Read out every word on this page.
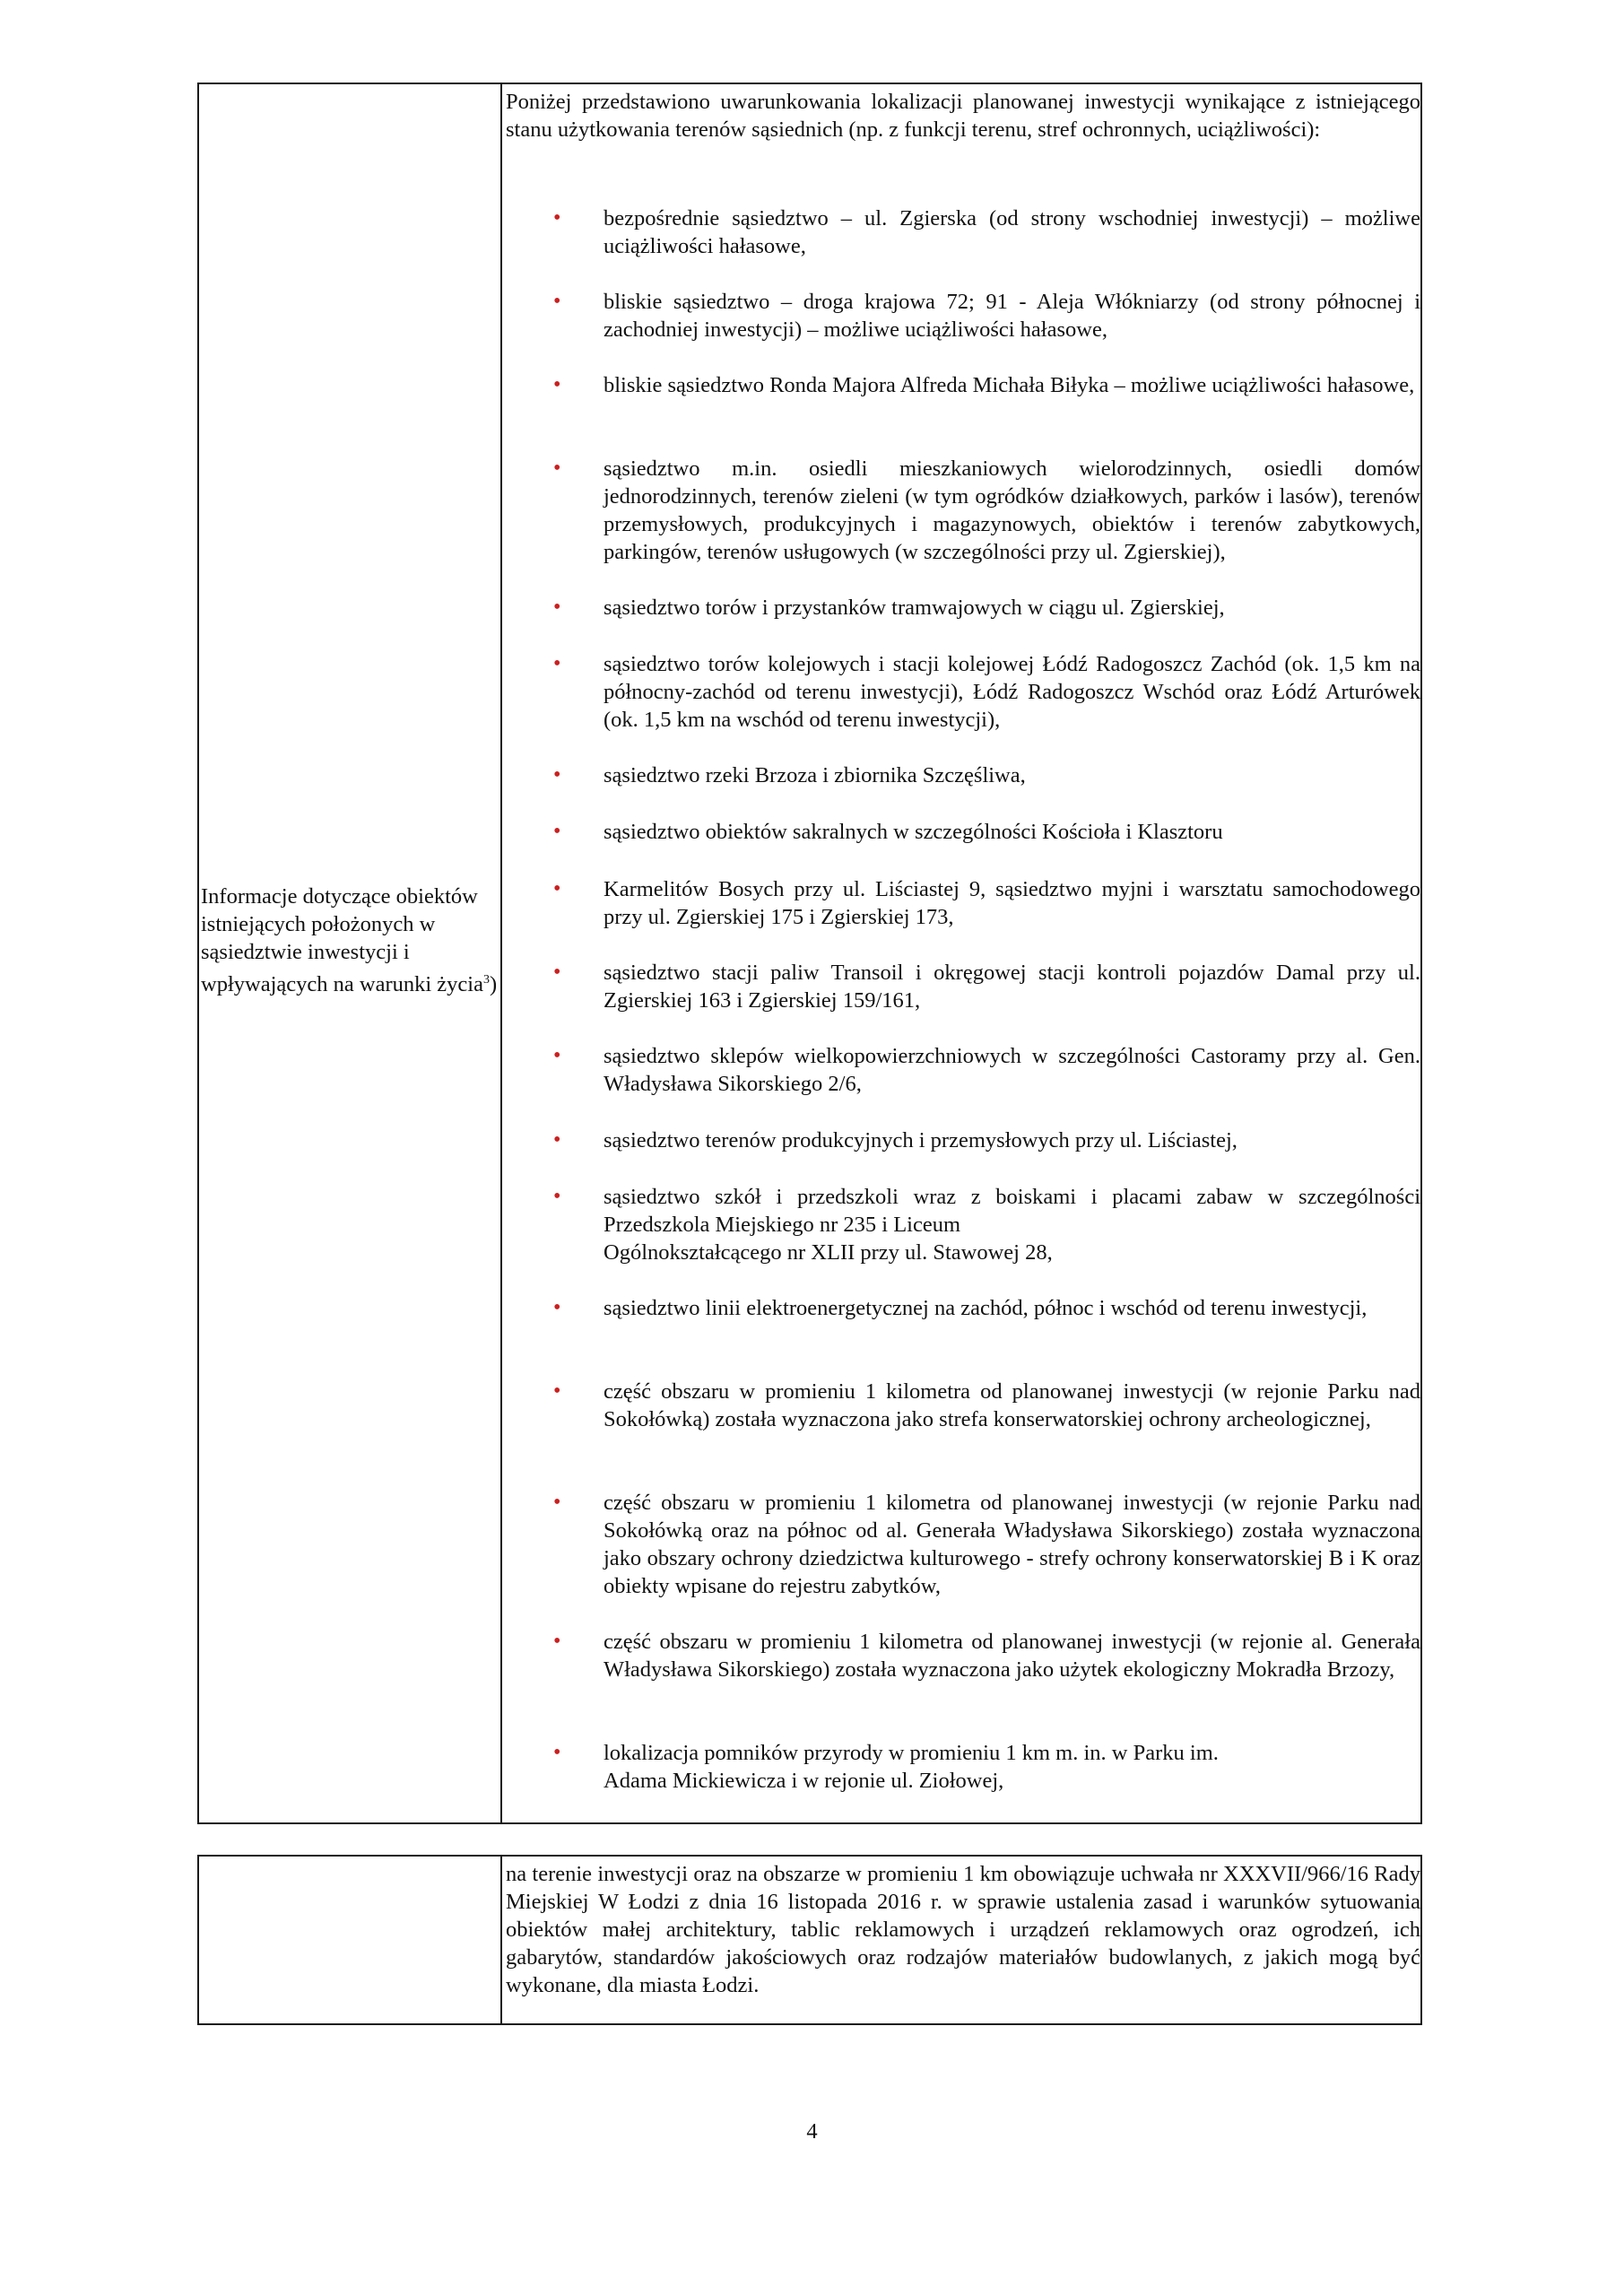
Informacje dotyczące obiektów istniejących położonych w sąsiedztwie inwestycji i wpływających na warunki życia$^3$)
Poniżej przedstawiono uwarunkowania lokalizacji planowanej inwestycji wynikające z istniejącego stanu użytkowania terenów sąsiednich (np. z funkcji terenu, stref ochronnych, uciążliwości):
• bezpośrednie sąsiedztwo – ul. Zgierska (od strony wschodniej inwestycji) – możliwe uciążliwości hałasowe,
• bliskie sąsiedztwo – droga krajowa 72; 91 - Aleja Włókniarzy (od strony północnej i zachodniej inwestycji) – możliwe uciążliwości hałasowe,
• bliskie sąsiedztwo Ronda Majora Alfreda Michała Biłyka – możliwe uciążliwości hałasowe,
• sąsiedztwo m.in. osiedli mieszkaniowych wielorodzinnych, osiedli domów jednorodzinnych, terenów zieleni (w tym ogródków działkowych, parków i lasów), terenów przemysłowych, produkcyjnych i magazynowych, obiektów i terenów zabytkowych, parkingów, terenów usługowych (w szczególności przy ul. Zgierskiej),
• sąsiedztwo torów i przystanków tramwajowych w ciągu ul. Zgierskiej,
• sąsiedztwo torów kolejowych i stacji kolejowej Łódź Radogoszcz Zachód (ok. 1,5 km na północny-zachód od terenu inwestycji), Łódź Radogoszcz Wschód oraz Łódź Arturówek (ok. 1,5 km na wschód od terenu inwestycji),
• sąsiedztwo rzeki Brzoza i zbiornika Szczęśliwa,
• sąsiedztwo obiektów sakralnych w szczególności Kościoła i Klasztoru
• Karmelitów Bosych przy ul. Liściastej 9, sąsiedztwo myjni i warsztatu samochodowego przy ul. Zgierskiej 175 i Zgierskiej 173,
• sąsiedztwo stacji paliw Transoil i okręgowej stacji kontroli pojazdów Damal przy ul. Zgierskiej 163 i Zgierskiej 159/161,
• sąsiedztwo sklepów wielkopowierzchniowych w szczególności Castoramy przy al. Gen. Władysława Sikorskiego 2/6,
• sąsiedztwo terenów produkcyjnych i przemysłowych przy ul. Liściastej,
• sąsiedztwo szkół i przedszkoli wraz z boiskami i placami zabaw w szczególności Przedszkola Miejskiego nr 235 i Liceum
Ogólnokształcącego nr XLII przy ul. Stawowej 28,
• sąsiedztwo linii elektroenergetycznej na zachód, północ i wschód od terenu inwestycji,
• część obszaru w promieniu 1 kilometra od planowanej inwestycji (w rejonie Parku nad Sokołówką) została wyznaczona jako strefa konserwatorskiej ochrony archeologicznej,
• część obszaru w promieniu 1 kilometra od planowanej inwestycji (w rejonie Parku nad Sokołówką oraz na północ od al. Generała Władysława Sikorskiego) została wyznaczona jako obszary ochrony dziedzictwa kulturowego - strefy ochrony konserwatorskiej B i K oraz obiekty wpisane do rejestru zabytków,
• część obszaru w promieniu 1 kilometra od planowanej inwestycji (w rejonie al. Generała Władysława Sikorskiego) została wyznaczona jako użytek ekologiczny Mokradła Brzozy,
• lokalizacja pomników przyrody w promieniu 1 km m. in. w Parku im.
Adama Mickiewicza i w rejonie ul. Ziołowej,
na terenie inwestycji oraz na obszarze w promieniu 1 km obowiązuje uchwała nr XXXVII/966/16 Rady Miejskiej W Łodzi z dnia 16 listopada 2016 r. w sprawie ustalenia zasad i warunków sytuowania obiektów małej architektury, tablic reklamowych i urządzeń reklamowych oraz ogrodzeń, ich gabarytów, standardów jakościowych oraz rodzajów materiałów budowlanych, z jakich mogą być wykonane, dla miasta Łodzi.
4
